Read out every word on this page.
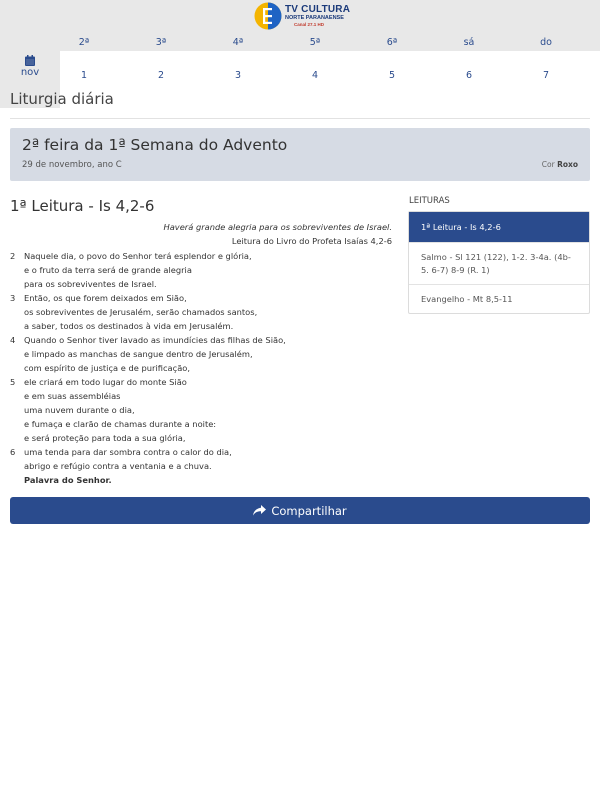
TV CULTURA
NORTE PARANAENSE
Canal 27.1 HD
2ª	3ª	4ª	5ª	6ª	sá	do
nov	1	2	3	4	5	6	7
Liturgia diária
2ª feira da 1ª Semana do Advento
29 de novembro, ano C	Cor Roxo
1ª Leitura - Is 4,2-6
Haverá grande alegria para os sobreviventes de Israel.
Leitura do Livro do Profeta Isaías 4,2-6
2	Naquele dia, o povo do Senhor terá esplendor e glória,
e o fruto da terra será de grande alegria
para os sobreviventes de Israel.
3	Então, os que forem deixados em Sião,
os sobreviventes de Jerusalém, serão chamados santos,
a saber, todos os destinados à vida em Jerusalém.
4	Quando o Senhor tiver lavado as imundícies das filhas de Sião,
e limpado as manchas de sangue dentro de Jerusalém,
com espírito de justiça e de purificação,
5	ele criará em todo lugar do monte Sião
e em suas assembléias
uma nuvem durante o dia,
e fumaça e clarão de chamas durante a noite:
e será proteção para toda a sua glória,
6	uma tenda para dar sombra contra o calor do dia,
abrigo e refúgio contra a ventania e a chuva.
Palavra do Senhor.
LEITURAS
1ª Leitura - Is 4,2-6
Salmo - Sl 121 (122), 1-2. 3-4a. (4b-5. 6-7) 8-9 (R. 1)
Evangelho - Mt 8,5-11
Compartilhar
